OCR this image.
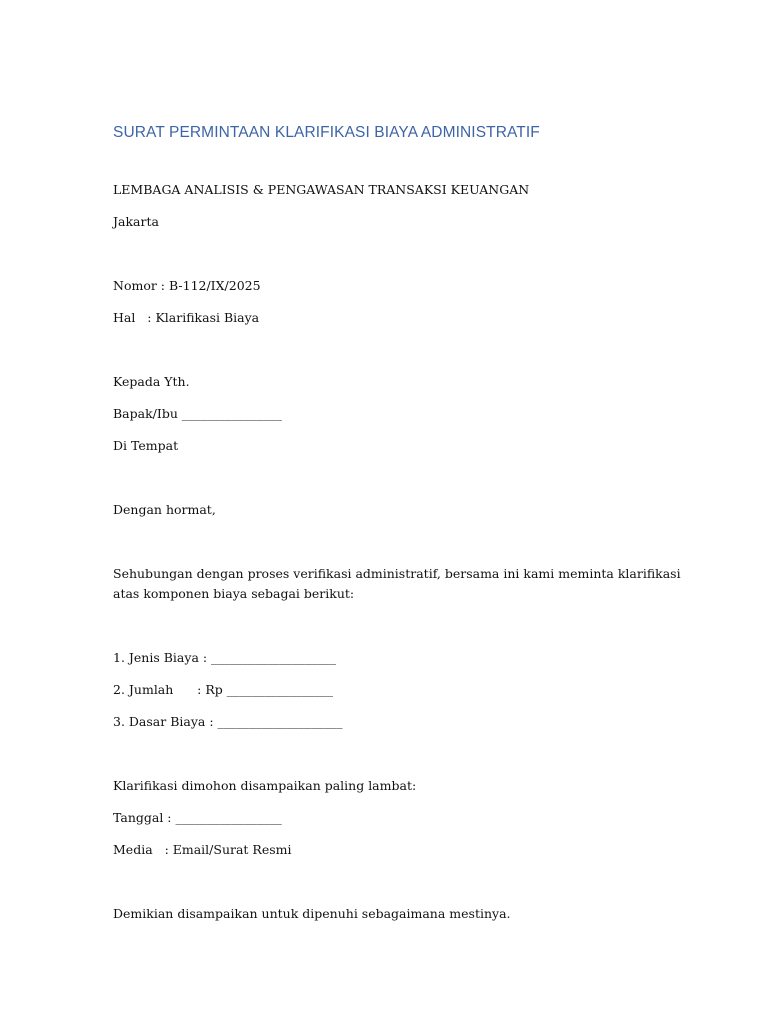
SURAT PERMINTAAN KLARIFIKASI BIAYA ADMINISTRATIF
LEMBAGA ANALISIS & PENGAWASAN TRANSAKSI KEUANGAN
Jakarta
Nomor : B-112/IX/2025
Hal   : Klarifikasi Biaya
Kepada Yth.
Bapak/Ibu ________________
Di Tempat
Dengan hormat,
Sehubungan dengan proses verifikasi administratif, bersama ini kami meminta klarifikasi
atas komponen biaya sebagai berikut:
1. Jenis Biaya : ____________________
2. Jumlah      : Rp _________________
3. Dasar Biaya : ____________________
Klarifikasi dimohon disampaikan paling lambat:
Tanggal : _________________
Media   : Email/Surat Resmi
Demikian disampaikan untuk dipenuhi sebagaimana mestinya.
